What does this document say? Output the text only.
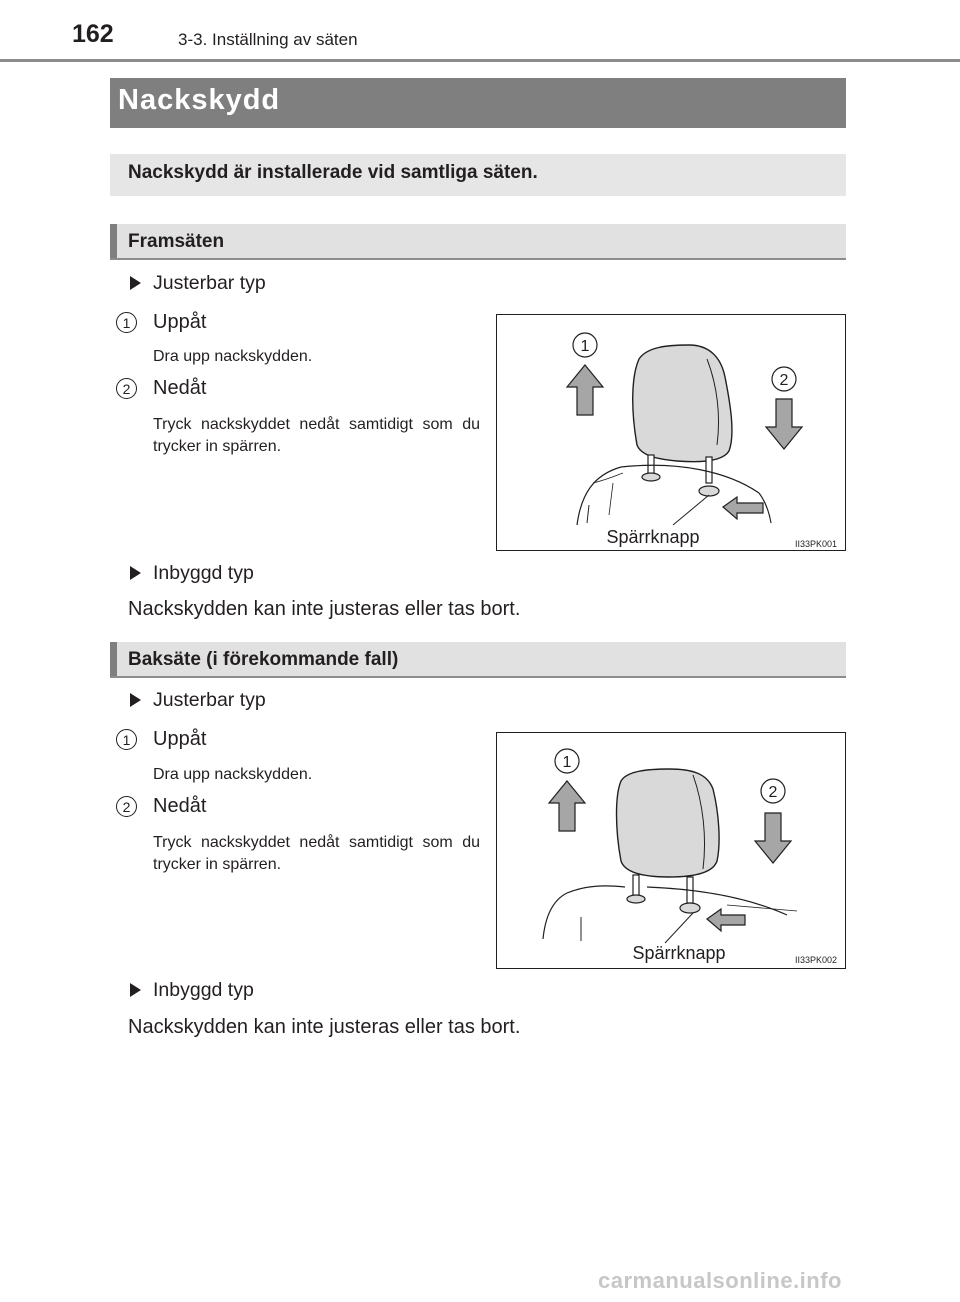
162	3-3. Inställning av säten
Nackskydd
Nackskydd är installerade vid samtliga säten.
Framsäten
Justerbar typ
1	Uppåt
Dra upp nackskydden.
2	Nedåt
Tryck nackskyddet nedåt samtidigt som du trycker in spärren.
1
2
Spärrknapp	II33PK001
Inbyggd typ
Nackskydden kan inte justeras eller tas bort.
Baksäte (i förekommande fall)
Justerbar typ
1	Uppåt
Dra upp nackskydden.
2	Nedåt
Tryck nackskyddet nedåt samtidigt som du trycker in spärren.
1
2
Spärrknapp	II33PK002
Inbyggd typ
Nackskydden kan inte justeras eller tas bort.
carmanualsonline.info
